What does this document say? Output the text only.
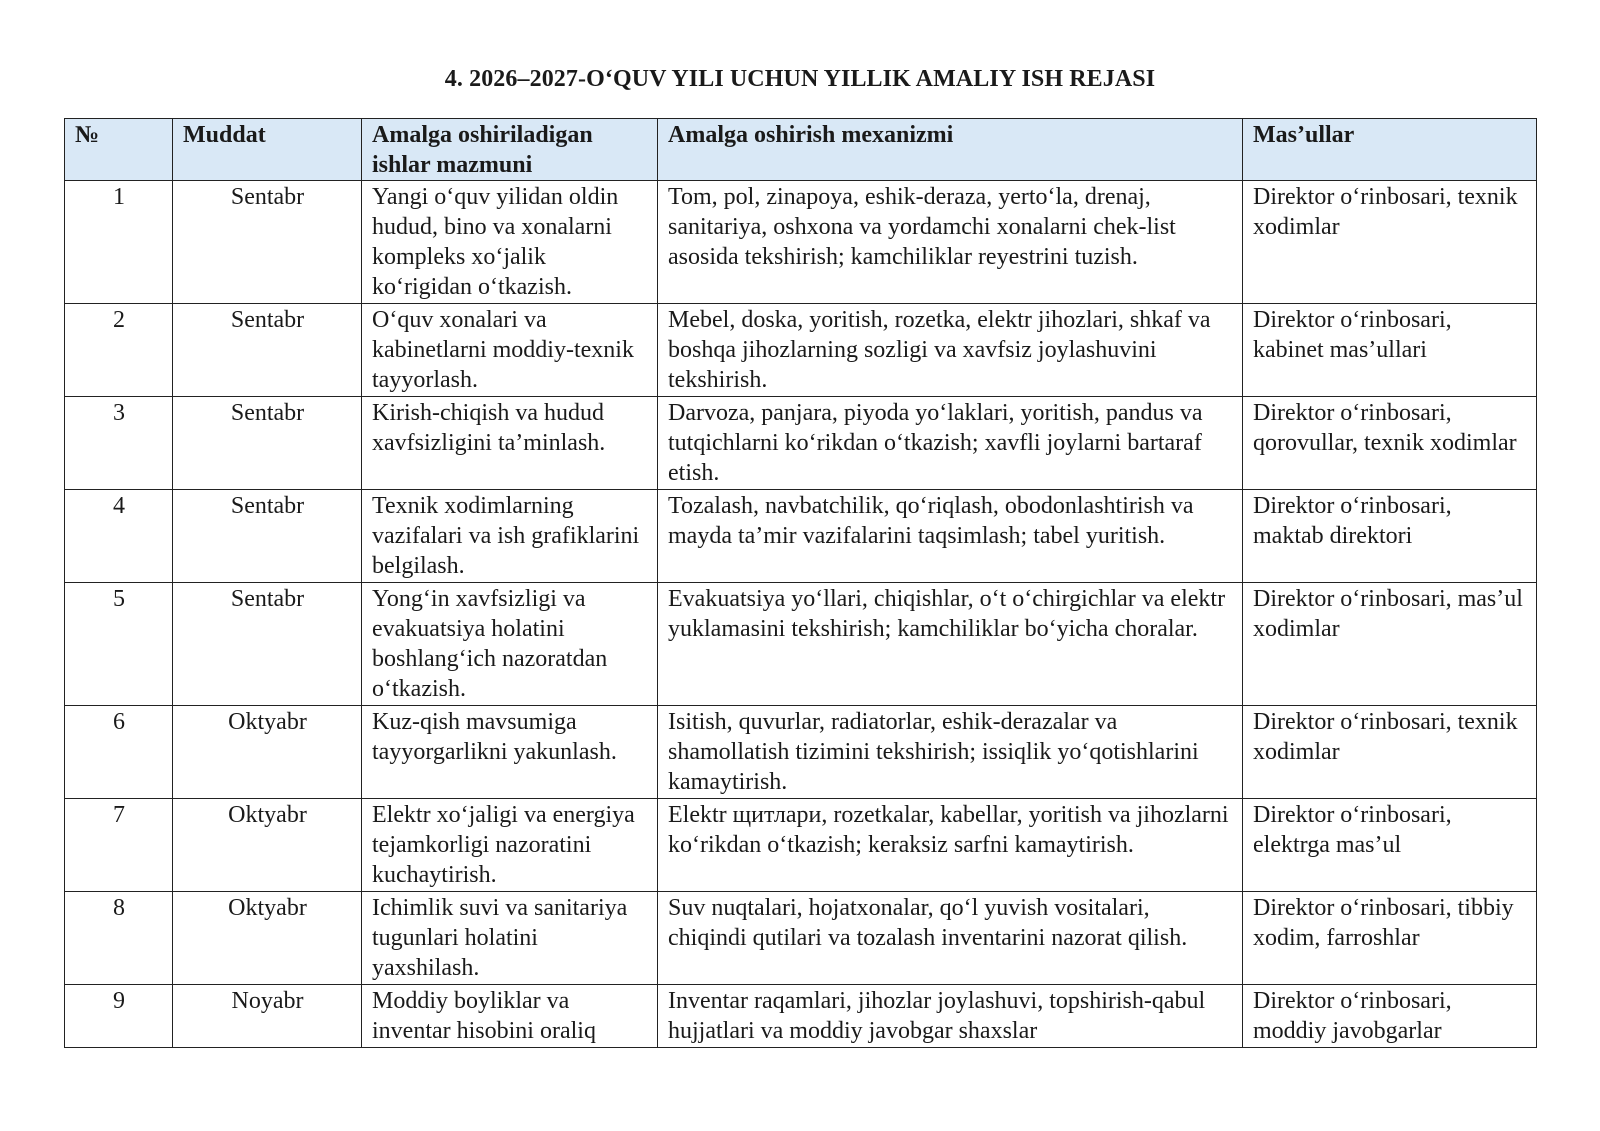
4. 2026–2027-O‘QUV YILI UCHUN YILLIK AMALIY ISH REJASI
№	Muddat	Amalga oshiriladigan ishlar mazmuni	Amalga oshirish mexanizmi	Mas’ullar
1	Sentabr	Yangi o‘quv yilidan oldin hudud, bino va xonalarni kompleks xo‘jalik ko‘rigidan o‘tkazish.	Tom, pol, zinapoya, eshik-deraza, yerto‘la, drenaj, sanitariya, oshxona va yordamchi xonalarni chek-list asosida tekshirish; kamchiliklar reyestrini tuzish.	Direktor o‘rinbosari, texnik xodimlar
2	Sentabr	O‘quv xonalari va kabinetlarni moddiy-texnik tayyorlash.	Mebel, doska, yoritish, rozetka, elektr jihozlari, shkaf va boshqa jihozlarning sozligi va xavfsiz joylashuvini tekshirish.	Direktor o‘rinbosari, kabinet mas’ullari
3	Sentabr	Kirish-chiqish va hudud xavfsizligini ta’minlash.	Darvoza, panjara, piyoda yo‘laklari, yoritish, pandus va tutqichlarni ko‘rikdan o‘tkazish; xavfli joylarni bartaraf etish.	Direktor o‘rinbosari, qorovullar, texnik xodimlar
4	Sentabr	Texnik xodimlarning vazifalari va ish grafiklarini belgilash.	Tozalash, navbatchilik, qo‘riqlash, obodonlashtirish va mayda ta’mir vazifalarini taqsimlash; tabel yuritish.	Direktor o‘rinbosari, maktab direktori
5	Sentabr	Yong‘in xavfsizligi va evakuatsiya holatini boshlang‘ich nazoratdan o‘tkazish.	Evakuatsiya yo‘llari, chiqishlar, o‘t o‘chirgichlar va elektr yuklamasini tekshirish; kamchiliklar bo‘yicha choralar.	Direktor o‘rinbosari, mas’ul xodimlar
6	Oktyabr	Kuz-qish mavsumiga tayyorgarlikni yakunlash.	Isitish, quvurlar, radiatorlar, eshik-derazalar va shamollatish tizimini tekshirish; issiqlik yo‘qotishlarini kamaytirish.	Direktor o‘rinbosari, texnik xodimlar
7	Oktyabr	Elektr xo‘jaligi va energiya tejamkorligi nazoratini kuchaytirish.	Elektr щитлари, rozetkalar, kabellar, yoritish va jihozlarni ko‘rikdan o‘tkazish; keraksiz sarfni kamaytirish.	Direktor o‘rinbosari, elektrga mas’ul
8	Oktyabr	Ichimlik suvi va sanitariya tugunlari holatini yaxshilash.	Suv nuqtalari, hojatxonalar, qo‘l yuvish vositalari, chiqindi qutilari va tozalash inventarini nazorat qilish.	Direktor o‘rinbosari, tibbiy xodim, farroshlar
9	Noyabr	Moddiy boyliklar va inventar hisobini oraliq	Inventar raqamlari, jihozlar joylashuvi, topshirish-qabul hujjatlari va moddiy javobgar shaxslar	Direktor o‘rinbosari, moddiy javobgarlar
